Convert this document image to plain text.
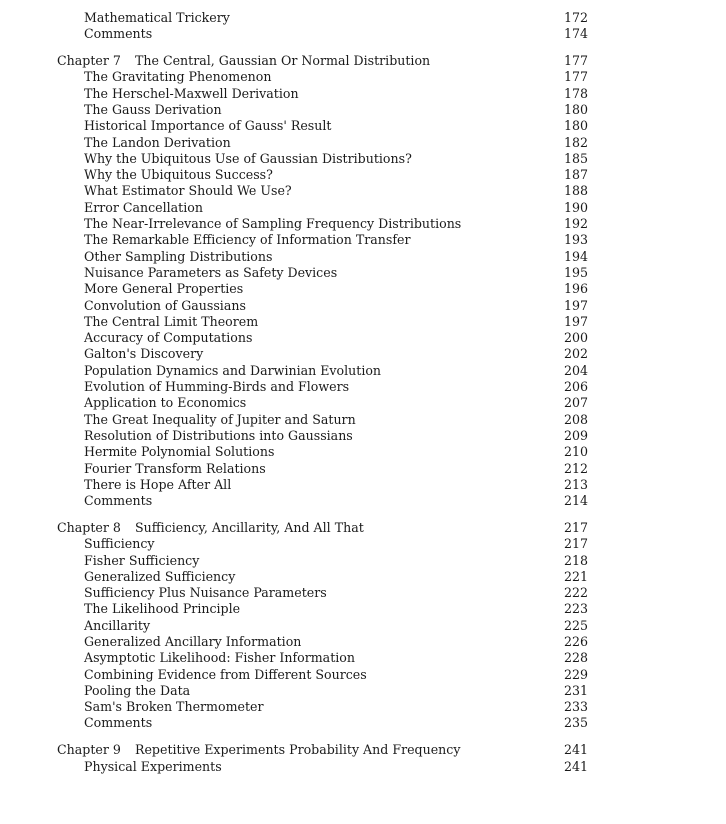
Mathematical Trickery	172
Comments	174
Chapter 7 The Central, Gaussian Or Normal Distribution	177
The Gravitating Phenomenon	177
The Herschel-Maxwell Derivation	178
The Gauss Derivation	180
Historical Importance of Gauss' Result	180
The Landon Derivation	182
Why the Ubiquitous Use of Gaussian Distributions?	185
Why the Ubiquitous Success?	187
What Estimator Should We Use?	188
Error Cancellation	190
The Near-Irrelevance of Sampling Frequency Distributions	192
The Remarkable Efficiency of Information Transfer	193
Other Sampling Distributions	194
Nuisance Parameters as Safety Devices	195
More General Properties	196
Convolution of Gaussians	197
The Central Limit Theorem	197
Accuracy of Computations	200
Galton's Discovery	202
Population Dynamics and Darwinian Evolution	204
Evolution of Humming-Birds and Flowers	206
Application to Economics	207
The Great Inequality of Jupiter and Saturn	208
Resolution of Distributions into Gaussians	209
Hermite Polynomial Solutions	210
Fourier Transform Relations	212
There is Hope After All	213
Comments	214
Chapter 8 Sufficiency, Ancillarity, And All That	217
Sufficiency	217
Fisher Sufficiency	218
Generalized Sufficiency	221
Sufficiency Plus Nuisance Parameters	222
The Likelihood Principle	223
Ancillarity	225
Generalized Ancillary Information	226
Asymptotic Likelihood: Fisher Information	228
Combining Evidence from Different Sources	229
Pooling the Data	231
Sam's Broken Thermometer	233
Comments	235
Chapter 9 Repetitive Experiments Probability And Frequency	241
Physical Experiments	241
